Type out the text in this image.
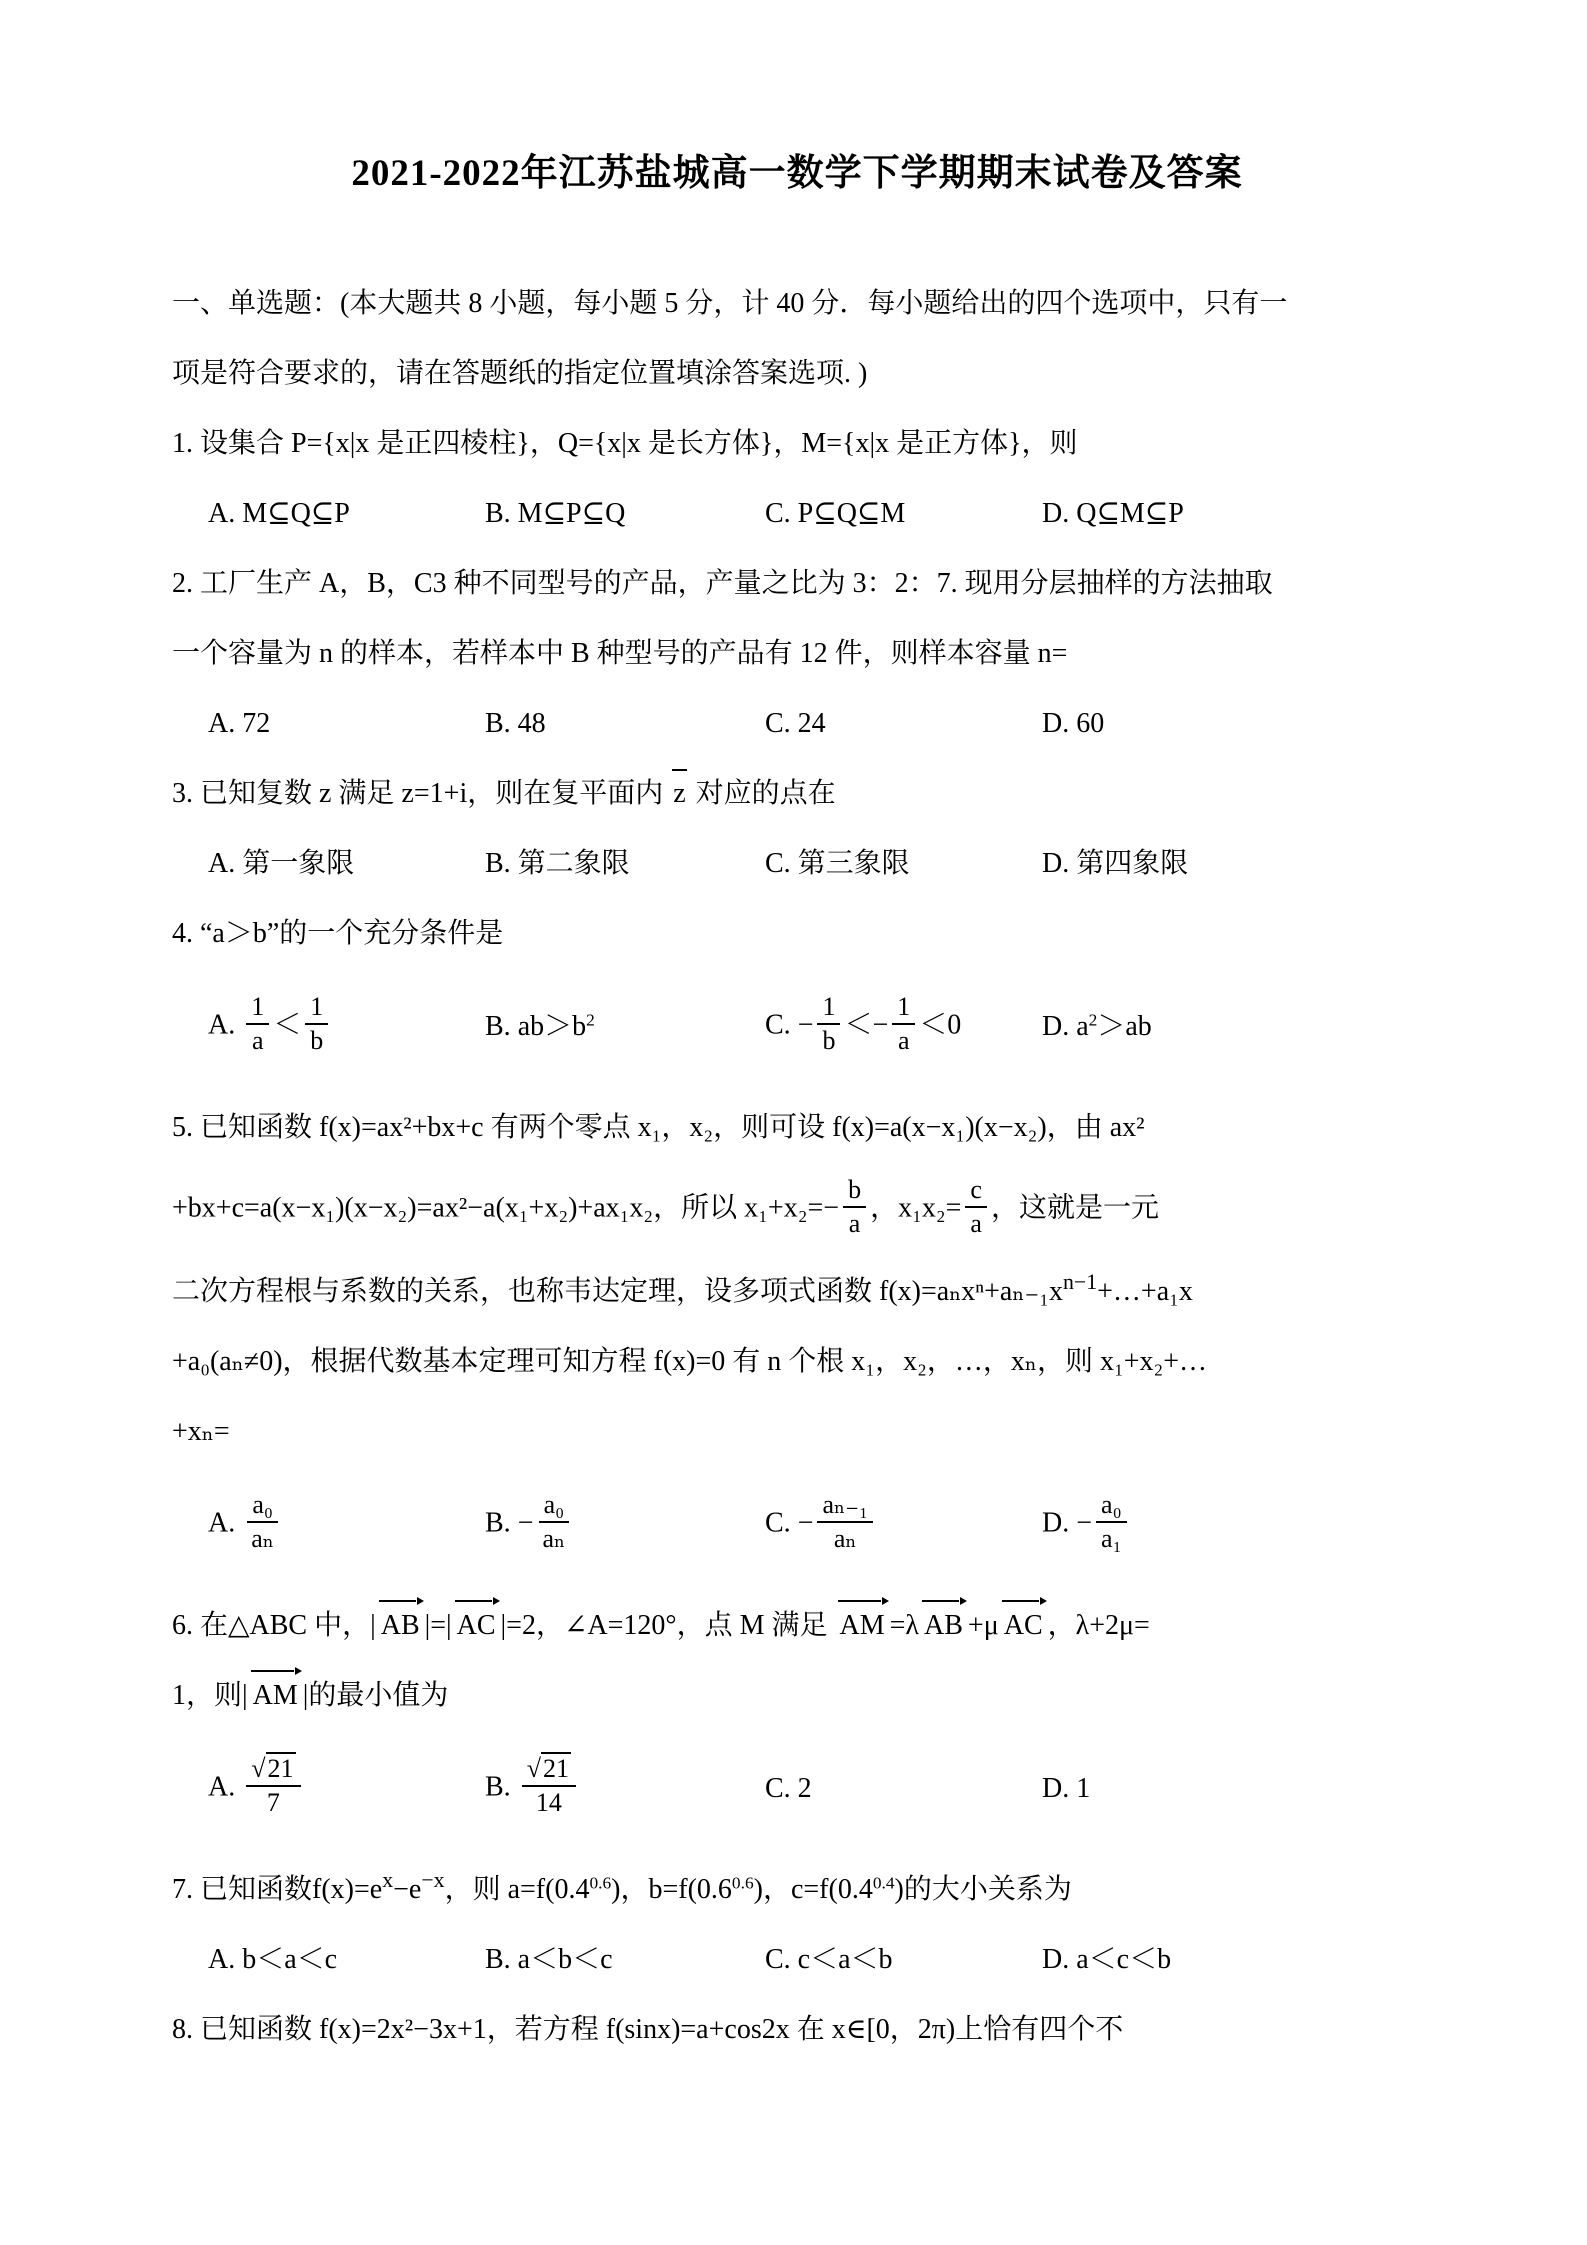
2021-2022年江苏盐城高一数学下学期期末试卷及答案
一、单选题：(本大题共 8 小题，每小题 5 分，计 40 分．每小题给出的四个选项中，只有一
项是符合要求的，请在答题纸的指定位置填涂答案选项. )
1. 设集合 P={x|x 是正四棱柱}，Q={x|x 是长方体}，M={x|x 是正方体}，则
A. M⊆Q⊆P	B. M⊆P⊆Q	C. P⊆Q⊆M	D. Q⊆M⊆P
2. 工厂生产 A，B，C3 种不同型号的产品，产量之比为 3：2：7. 现用分层抽样的方法抽取
一个容量为 n 的样本，若样本中 B 种型号的产品有 12 件，则样本容量 n=
A. 72	B. 48	C. 24	D. 60
3. 已知复数 z 满足 z=1+i，则在复平面内 z 对应的点在
A. 第一象限	B. 第二象限	C. 第三象限	D. 第四象限
4. “a＞b”的一个充分条件是
A. $\frac{1}{a} < \frac{1}{b}$	B. $ab>b^2$	C. − $\frac{1}{b} <- \frac{1}{a} <0$	D. $a^2>ab$
5. 已知函数 f(x)=ax²+bx+c 有两个零点 x₁，x₂，则可设 f(x)=a(x−x₁)(x−x₂)，由 ax²
+bx+c=a(x−x₁)(x−x₂)=ax²−a(x₁+x₂)+ax₁x₂，所以 $x_1+x_2=- \frac{b}{a}$ ，$x_1x_2= \frac{c}{a}$ ，这就是一元
二次方程根与系数的关系，也称韦达定理，设多项式函数 $f(x)=a_nx^n+a_{n-1}x^{n-1}+\dots+a_1x$
+a₀(aₙ≠0)，根据代数基本定理可知方程 f(x)=0 有 n 个根 x₁，x₂，…，xₙ，则 x₁+x₂+…
+xₙ=
A. $\frac{\text{a₀}}{\text{aₙ}}$	B. − $\frac{\text{a₀}}{\text{aₙ}}$	C. − $\frac{\text{aₙ₋₁}}{\text{aₙ}}$	D. − $\frac{\text{a₀}}{\text{a₁}}$
6. 在△ABC 中，| AB |=| AC |=2，∠A=120°，点 M 满足 AM =λ AB +μ AC ，λ+2μ=
1，则| AM |的最小值为
A. $\frac{√21}{7}$	B. $\frac{√21}{14}$	C. 2	D. 1
7. 已知函数$f(x)=e^x-e^{-x}$，则 $a=f(0.4^{0.6})$，$b=f(0.6^{0.6})$，$c=f(0.4^{0.4})$的大小关系为
A. b＜a＜c	B. a＜b＜c	C. c＜a＜b	D. a＜c＜b
8. 已知函数 f(x)=2x²−3x+1，若方程 f(sinx)=a+cos2x 在 x∈[0，2π)上恰有四个不
